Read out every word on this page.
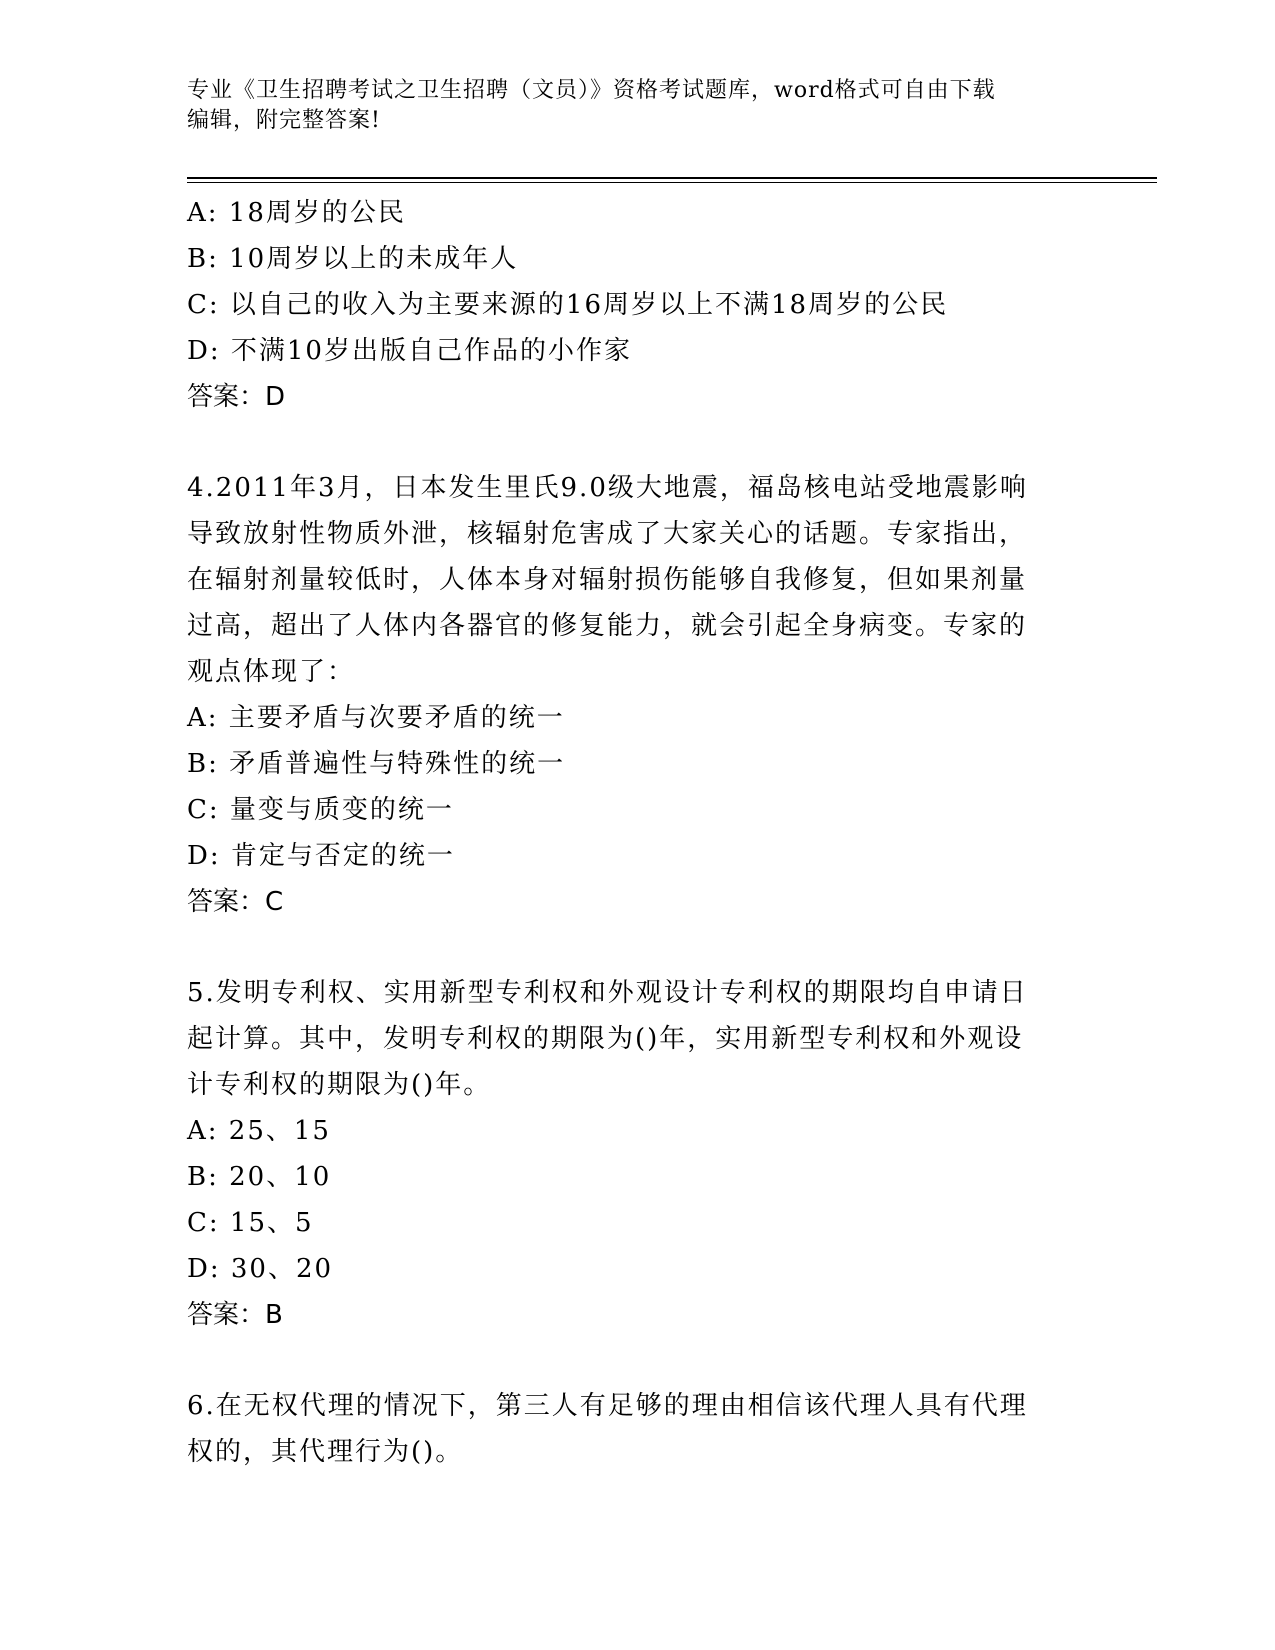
专业《卫生招聘考试之卫生招聘（文员）》资格考试题库，word格式可自由下载
编辑，附完整答案!
A: 18周岁的公民
B: 10周岁以上的未成年人
C: 以自己的收入为主要来源的16周岁以上不满18周岁的公民
D: 不满10岁出版自己作品的小作家
答案：D
4.2011年3月，日本发生里氏9.0级大地震，福岛核电站受地震影响
导致放射性物质外泄，核辐射危害成了大家关心的话题。专家指出，
在辐射剂量较低时，人体本身对辐射损伤能够自我修复，但如果剂量
过高，超出了人体内各器官的修复能力，就会引起全身病变。专家的
观点体现了：
A: 主要矛盾与次要矛盾的统一
B: 矛盾普遍性与特殊性的统一
C: 量变与质变的统一
D: 肯定与否定的统一
答案：C
5.发明专利权、实用新型专利权和外观设计专利权的期限均自申请日
起计算。其中，发明专利权的期限为()年，实用新型专利权和外观设
计专利权的期限为()年。
A: 25、15
B: 20、10
C: 15、5
D: 30、20
答案：B
6.在无权代理的情况下，第三人有足够的理由相信该代理人具有代理
权的，其代理行为()。
